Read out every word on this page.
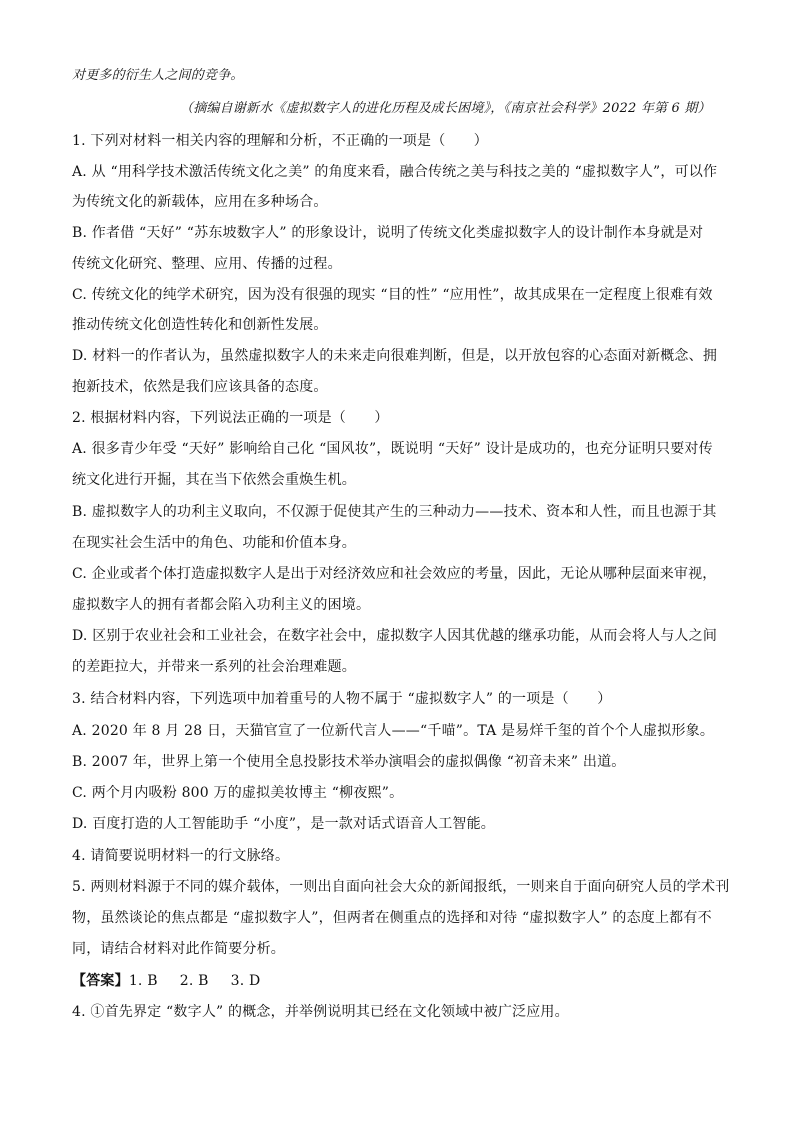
对更多的衍生人之间的竞争。
（摘编自谢新水《虚拟数字人的进化历程及成长困境》，《南京社会科学》2022 年第 6 期）
1. 下列对材料一相关内容的理解和分析，不正确的一项是（　　）
A. 从 “用科学技术激活传统文化之美” 的角度来看，融合传统之美与科技之美的 “虚拟数字人”，可以作
为传统文化的新载体，应用在多种场合。
B. 作者借 “天好” “苏东坡数字人” 的形象设计，说明了传统文化类虚拟数字人的设计制作本身就是对
传统文化研究、整理、应用、传播的过程。
C. 传统文化的纯学术研究，因为没有很强的现实 “目的性” “应用性”，故其成果在一定程度上很难有效
推动传统文化创造性转化和创新性发展。
D. 材料一的作者认为，虽然虚拟数字人的未来走向很难判断，但是，以开放包容的心态面对新概念、拥
抱新技术，依然是我们应该具备的态度。
2. 根据材料内容，下列说法正确的一项是（　　）
A. 很多青少年受 “天好” 影响给自己化 “国风妆”，既说明 “天好” 设计是成功的，也充分证明只要对传
统文化进行开掘，其在当下依然会重焕生机。
B. 虚拟数字人的功利主义取向，不仅源于促使其产生的三种动力——技术、资本和人性，而且也源于其
在现实社会生活中的角色、功能和价值本身。
C. 企业或者个体打造虚拟数字人是出于对经济效应和社会效应的考量，因此，无论从哪种层面来审视，
虚拟数字人的拥有者都会陷入功利主义的困境。
D. 区别于农业社会和工业社会，在数字社会中，虚拟数字人因其优越的继承功能，从而会将人与人之间
的差距拉大，并带来一系列的社会治理难题。
3. 结合材料内容，下列选项中加着重号的人物不属于 “虚拟数字人” 的一项是（　　）
A. 2020 年 8 月 28 日，天猫官宣了一位新代言人——“千喵”。TA 是易烊千玺的首个个人虚拟形象。
B. 2007 年，世界上第一个使用全息投影技术举办演唱会的虚拟偶像 “初音未来” 出道。
C. 两个月内吸粉 800 万的虚拟美妆博主 “柳夜熙”。
D. 百度打造的人工智能助手 “小度”，是一款对话式语音人工智能。
4. 请简要说明材料一的行文脉络。
5. 两则材料源于不同的媒介载体，一则出自面向社会大众的新闻报纸，一则来自于面向研究人员的学术刊
物，虽然谈论的焦点都是 “虚拟数字人”，但两者在侧重点的选择和对待 “虚拟数字人” 的态度上都有不
同，请结合材料对此作简要分析。
【答案】1. B 2. B 3. D
4. ①首先界定 “数字人” 的概念，并举例说明其已经在文化领域中被广泛应用。
